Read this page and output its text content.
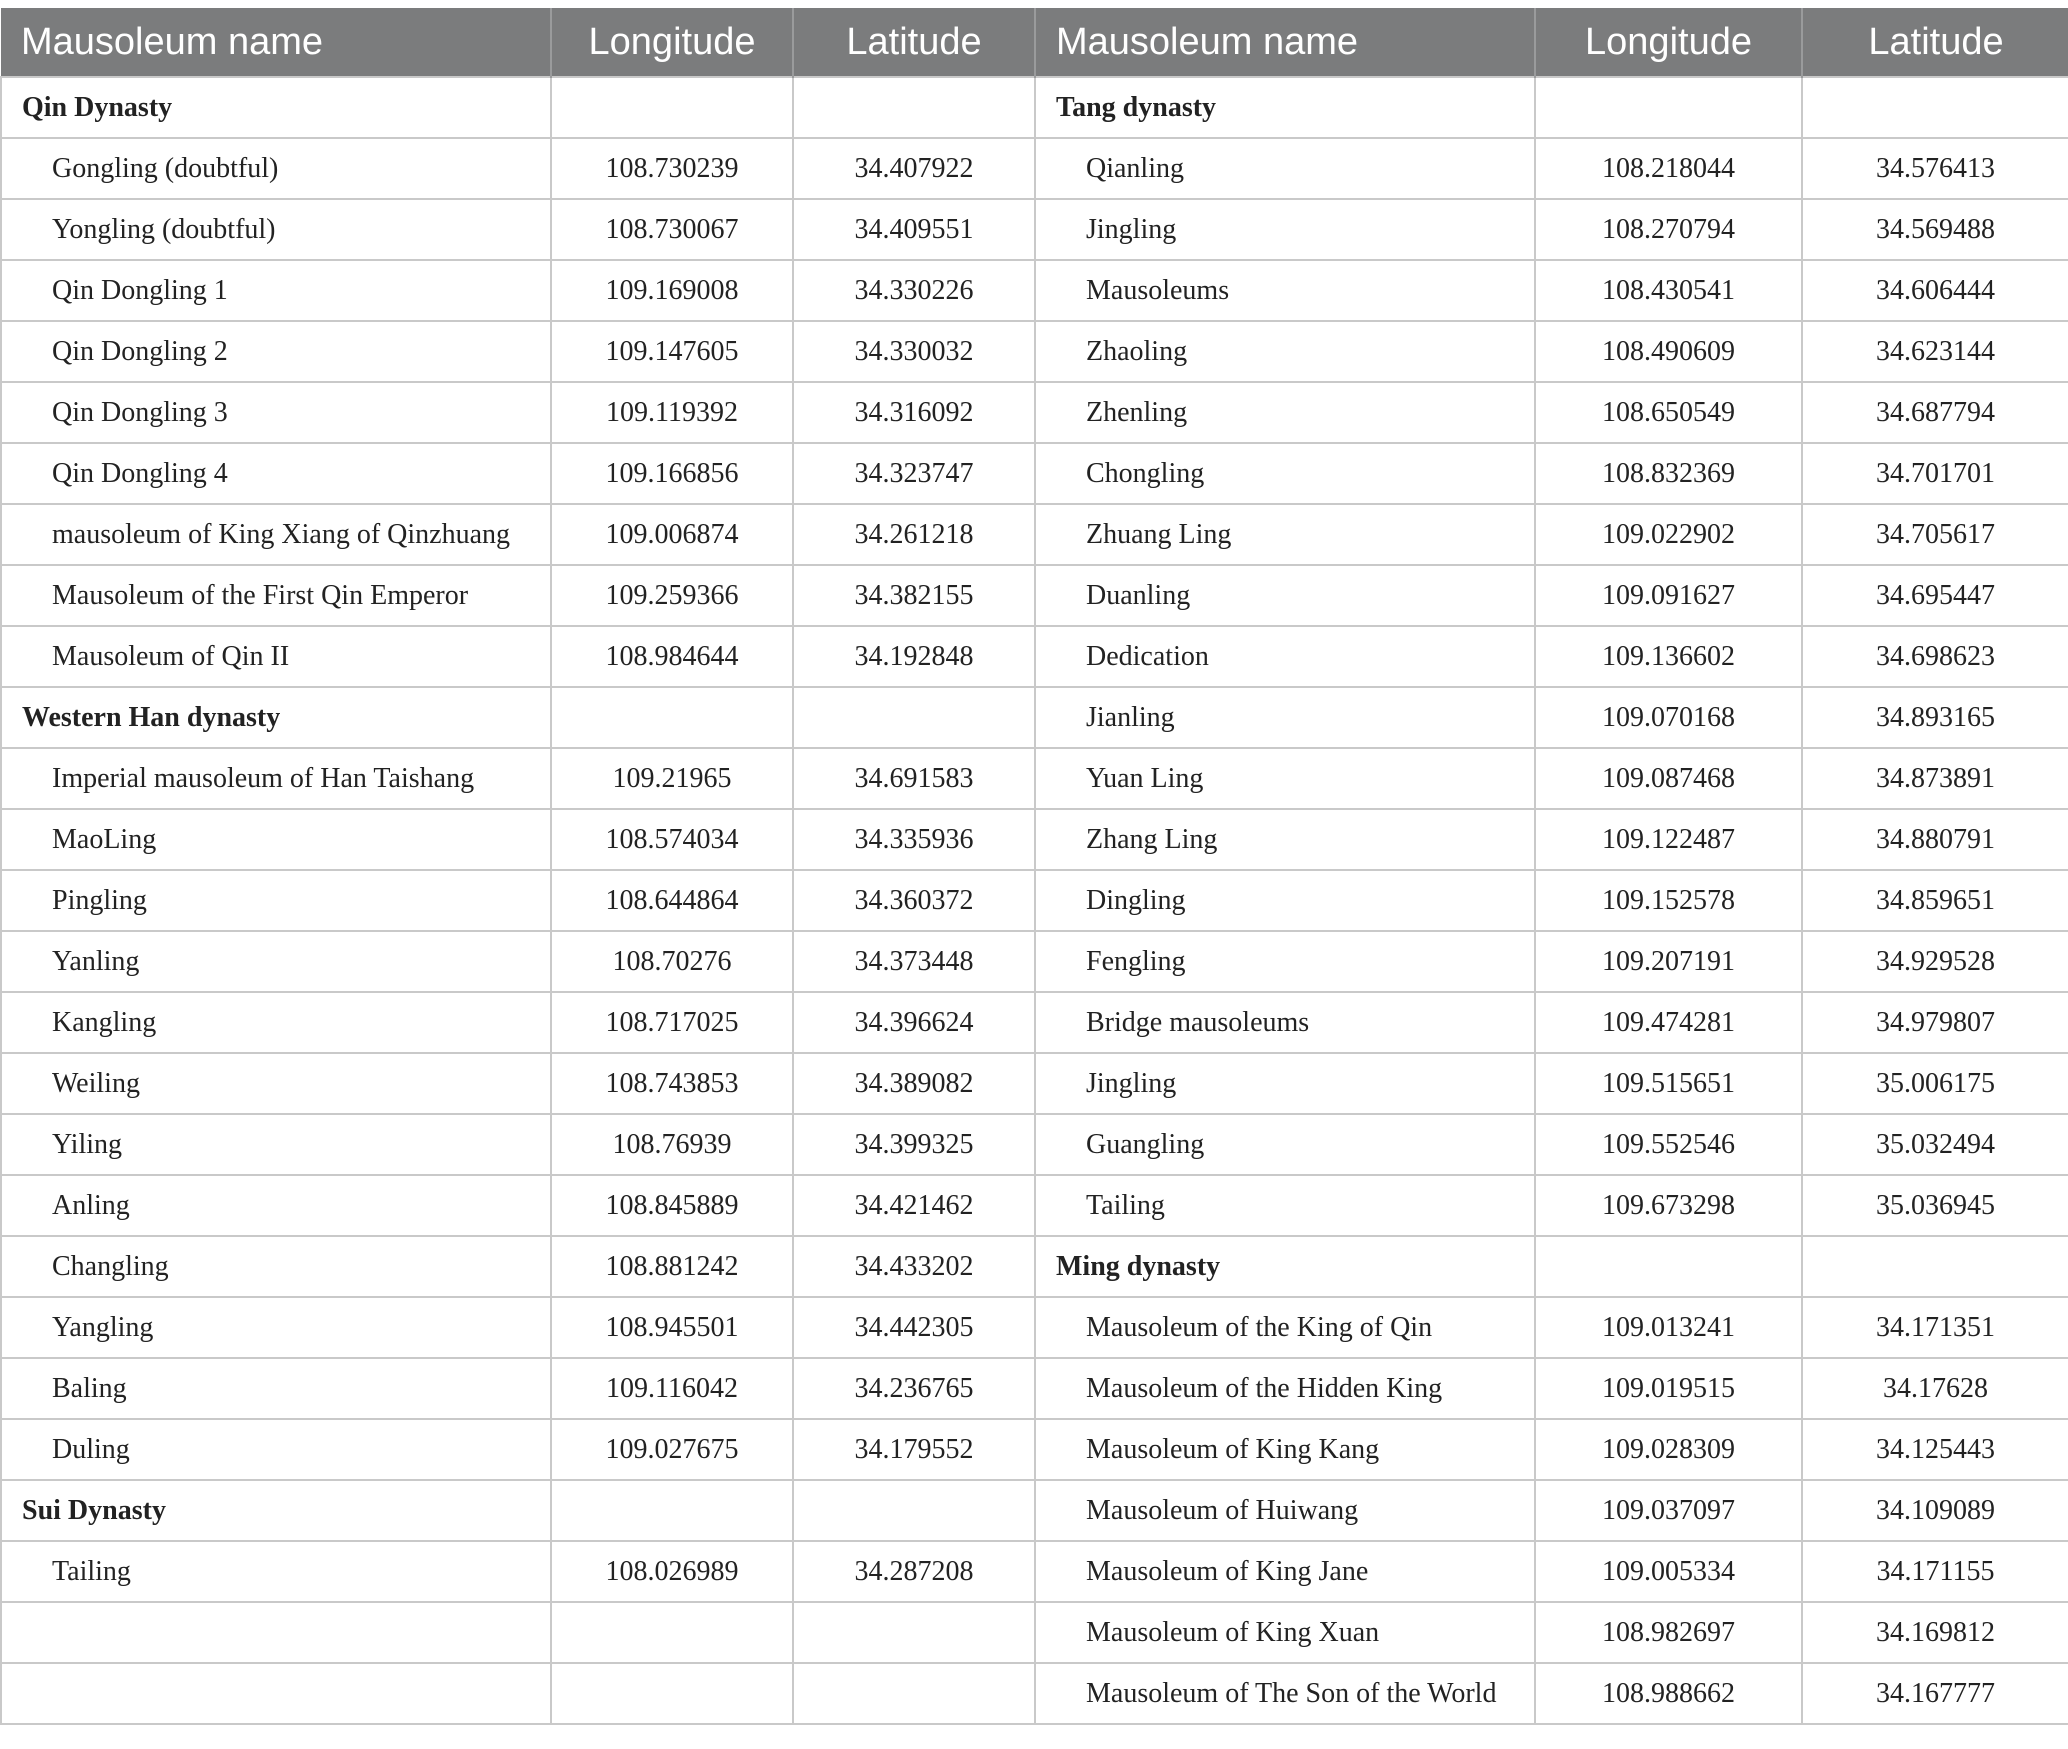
Mausoleum name	Longitude	Latitude	Mausoleum name	Longitude	Latitude
Qin Dynasty			Tang dynasty		
Gongling (doubtful)	108.730239	34.407922	Qianling	108.218044	34.576413
Yongling (doubtful)	108.730067	34.409551	Jingling	108.270794	34.569488
Qin Dongling 1	109.169008	34.330226	Mausoleums	108.430541	34.606444
Qin Dongling 2	109.147605	34.330032	Zhaoling	108.490609	34.623144
Qin Dongling 3	109.119392	34.316092	Zhenling	108.650549	34.687794
Qin Dongling 4	109.166856	34.323747	Chongling	108.832369	34.701701
mausoleum of King Xiang of Qinzhuang	109.006874	34.261218	Zhuang Ling	109.022902	34.705617
Mausoleum of the First Qin Emperor	109.259366	34.382155	Duanling	109.091627	34.695447
Mausoleum of Qin II	108.984644	34.192848	Dedication	109.136602	34.698623
Western Han dynasty			Jianling	109.070168	34.893165
Imperial mausoleum of Han Taishang	109.21965	34.691583	Yuan Ling	109.087468	34.873891
MaoLing	108.574034	34.335936	Zhang Ling	109.122487	34.880791
Pingling	108.644864	34.360372	Dingling	109.152578	34.859651
Yanling	108.70276	34.373448	Fengling	109.207191	34.929528
Kangling	108.717025	34.396624	Bridge mausoleums	109.474281	34.979807
Weiling	108.743853	34.389082	Jingling	109.515651	35.006175
Yiling	108.76939	34.399325	Guangling	109.552546	35.032494
Anling	108.845889	34.421462	Tailing	109.673298	35.036945
Changling	108.881242	34.433202	Ming dynasty		
Yangling	108.945501	34.442305	Mausoleum of the King of Qin	109.013241	34.171351
Baling	109.116042	34.236765	Mausoleum of the Hidden King	109.019515	34.17628
Duling	109.027675	34.179552	Mausoleum of King Kang	109.028309	34.125443
Sui Dynasty			Mausoleum of Huiwang	109.037097	34.109089
Tailing	108.026989	34.287208	Mausoleum of King Jane	109.005334	34.171155
			Mausoleum of King Xuan	108.982697	34.169812
			Mausoleum of The Son of the World	108.988662	34.167777
